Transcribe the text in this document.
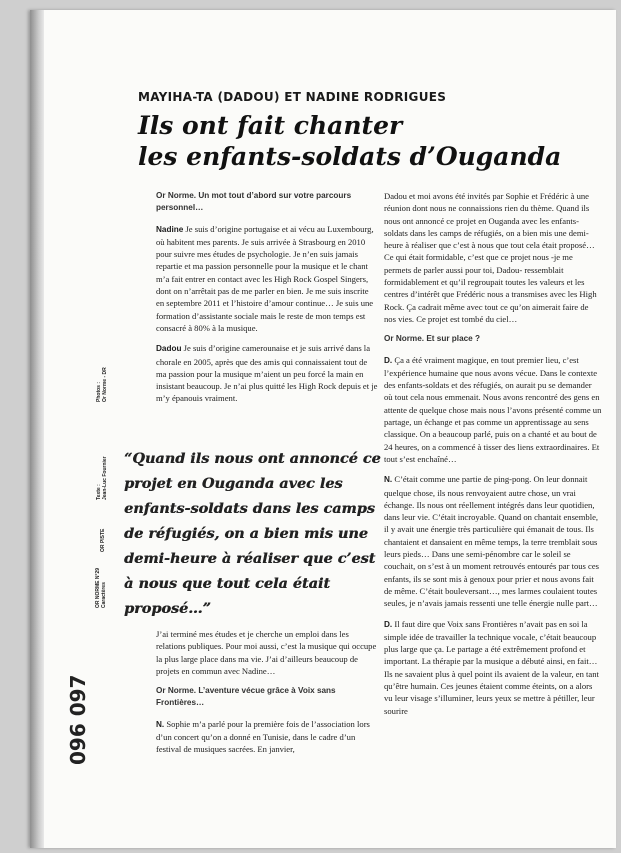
MAYIHA-TA (DADOU) ET NADINE RODRIGUES
Ils ont fait chanter
les enfants-soldats d’Ouganda
096 097
OR NORME N°29 Caractères
OR PISTE
Texte : Jean-Luc Fournier
Photos : Or Norme - DR

Or Norme. Un mot tout d’abord sur votre parcours personnel…

Nadine Je suis d’origine portugaise et ai vécu au Luxembourg, où habitent mes parents. Je suis arrivée à Strasbourg en 2010 pour suivre mes études de psychologie. Je n’en suis jamais repartie et ma passion personnelle pour la musique et le chant m’a fait entrer en contact avec les High Rock Gospel Singers, dont on n’arrêtait pas de me parler en bien. Je me suis inscrite en septembre 2011 et l’histoire d’amour continue… Je suis une formation d’assistante sociale mais le reste de mon temps est consacré à 80% à la musique.

Dadou Je suis d’origine camerounaise et je suis arrivé dans la chorale en 2005, après que des amis qui connaissaient tout de ma passion pour la musique m’aient un peu forcé la main en insistant beaucoup. Je n’ai plus quitté les High Rock depuis et je m’y épanouis vraiment.

“Quand ils nous ont annoncé ce projet en Ouganda avec les enfants-soldats dans les camps de réfugiés, on a bien mis une demi-heure à réaliser que c’est à nous que tout cela était proposé…”

J’ai terminé mes études et je cherche un emploi dans les relations publiques. Pour moi aussi, c’est la musique qui occupe la plus large place dans ma vie. J’ai d’ailleurs beaucoup de projets en commun avec Nadine…

Or Norme. L’aventure vécue grâce à Voix sans Frontières…

N. Sophie m’a parlé pour la première fois de l’association lors d’un concert qu’on a donné en Tunisie, dans le cadre d’un festival de musiques sacrées. En janvier,

Dadou et moi avons été invités par Sophie et Frédéric à une réunion dont nous ne connaissions rien du thème. Quand ils nous ont annoncé ce projet en Ouganda avec les enfants-soldats dans les camps de réfugiés, on a bien mis une demi-heure à réaliser que c’est à nous que tout cela était proposé… Ce qui était formidable, c’est que ce projet nous -je me permets de parler aussi pour toi, Dadou- ressemblait formidablement et qu’il regroupait toutes les valeurs et les centres d’intérêt que Frédéric nous a transmises avec les High Rock. Ça cadrait même avec tout ce qu’on aimerait faire de nos vies. Ce projet est tombé du ciel…

Or Norme. Et sur place ?

D. Ça a été vraiment magique, en tout premier lieu, c’est l’expérience humaine que nous avons vécue. Dans le contexte des enfants-soldats et des réfugiés, on aurait pu se demander où tout cela nous emmenait. Nous avons rencontré des gens en attente de quelque chose mais nous l’avons présenté comme un partage, un échange et pas comme un apprentissage au sens classique. On a beaucoup parlé, puis on a chanté et au bout de 24 heures, on a commencé à tisser des liens extraordinaires. Et tout s’est enchaîné…

N. C’était comme une partie de ping-pong. On leur donnait quelque chose, ils nous renvoyaient autre chose, un vrai échange. Ils nous ont réellement intégrés dans leur quotidien, dans leur vie. C’était incroyable. Quand on chantait ensemble, il y avait une énergie très particulière qui émanait de tous. Ils chantaient et dansaient en même temps, la terre tremblait sous leurs pieds… Dans une semi-pénombre car le soleil se couchait, on s’est à un moment retrouvés entourés par tous ces enfants, ils se sont mis à genoux pour prier et nous avons fait de même. C’était bouleversant…, mes larmes coulaient toutes seules, je n’avais jamais ressenti une telle énergie nulle part…

D. Il faut dire que Voix sans Frontières n’avait pas en soi la simple idée de travailler la technique vocale, c’était beaucoup plus large que ça. Le partage a été extrêmement profond et important. La thérapie par la musique a débuté ainsi, en fait… Ils ne savaient plus à quel point ils avaient de la valeur, en tant qu’être humain. Ces jeunes étaient comme éteints, on a alors vu leur visage s’illuminer, leurs yeux se mettre à pétiller, leur sourire
